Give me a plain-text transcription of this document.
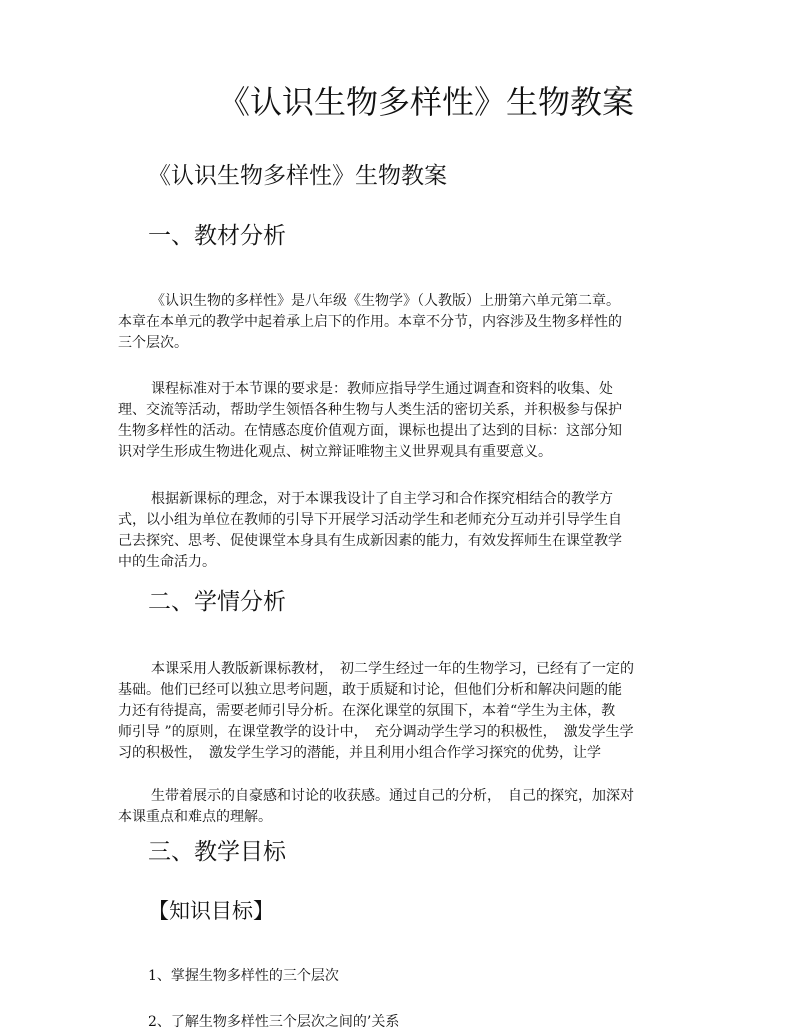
《认识生物多样性》生物教案
《认识生物多样性》生物教案
一、教材分析
《认识生物的多样性》是八年级《生物学》（人教版）上册第六单元第二章。
本章在本单元的教学中起着承上启下的作用。本章不分节，内容涉及生物多样性的
三个层次。
课程标准对于本节课的要求是：教师应指导学生通过调查和资料的收集、处
理、交流等活动，帮助学生领悟各种生物与人类生活的密切关系，并积极参与保护
生物多样性的活动。在情感态度价值观方面，课标也提出了达到的目标：这部分知
识对学生形成生物进化观点、树立辩证唯物主义世界观具有重要意义。
根据新课标的理念，对于本课我设计了自主学习和合作探究相结合的教学方
式，以小组为单位在教师的引导下开展学习活动学生和老师充分互动并引导学生自
己去探究、思考、促使课堂本身具有生成新因素的能力，有效发挥师生在课堂教学
中的生命活力。
二、学情分析
本课采用人教版新课标教材，　初二学生经过一年的生物学习，已经有了一定的
基础。他们已经可以独立思考问题，敢于质疑和讨论，但他们分析和解决问题的能
力还有待提高，需要老师引导分析。在深化课堂的氛围下，本着“学生为主体，教
师引导 ”的原则，在课堂教学的设计中，　充分调动学生学习的积极性，　激发学生学
习的积极性，　激发学生学习的潜能，并且利用小组合作学习探究的优势，让学
生带着展示的自豪感和讨论的收获感。通过自己的分析，　自己的探究，加深对
本课重点和难点的理解。
三、教学目标
【知识目标】
1、掌握生物多样性的三个层次
2、了解生物多样性三个层次之间的’关系
